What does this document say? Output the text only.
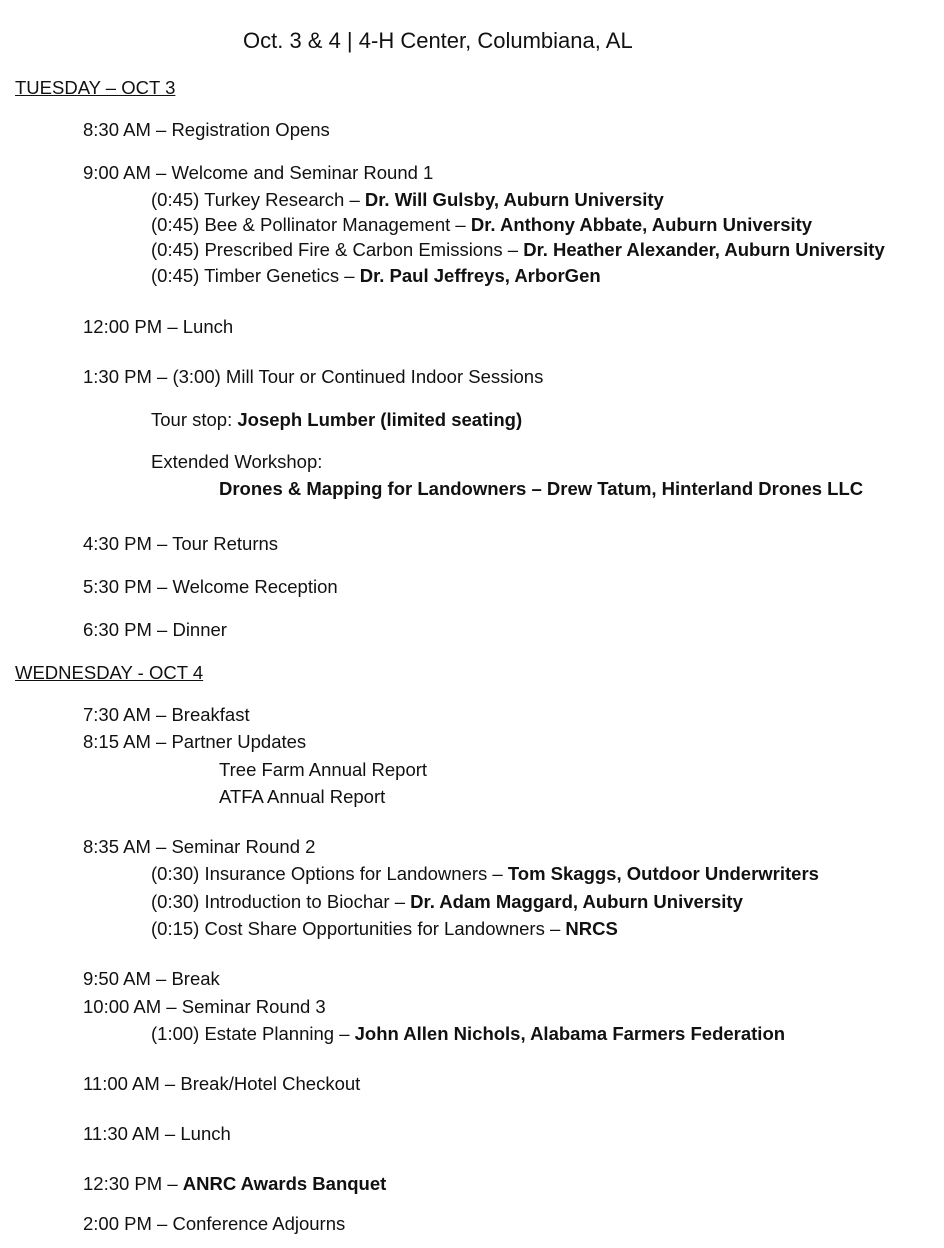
Oct. 3 & 4 | 4-H Center, Columbiana, AL
TUESDAY – OCT 3
8:30 AM – Registration Opens
9:00 AM – Welcome and Seminar Round 1
(0:45) Turkey Research – Dr. Will Gulsby, Auburn University
(0:45) Bee & Pollinator Management – Dr. Anthony Abbate, Auburn University
(0:45) Prescribed Fire & Carbon Emissions – Dr. Heather Alexander, Auburn University
(0:45) Timber Genetics – Dr. Paul Jeffreys, ArborGen
12:00 PM – Lunch
1:30 PM – (3:00) Mill Tour or Continued Indoor Sessions
Tour stop: Joseph Lumber (limited seating)
Extended Workshop:
Drones & Mapping for Landowners – Drew Tatum, Hinterland Drones LLC
4:30 PM – Tour Returns
5:30 PM – Welcome Reception
6:30 PM – Dinner
WEDNESDAY - OCT 4
7:30 AM – Breakfast
8:15 AM – Partner Updates
Tree Farm Annual Report
ATFA Annual Report
8:35 AM – Seminar Round 2
(0:30) Insurance Options for Landowners – Tom Skaggs, Outdoor Underwriters
(0:30) Introduction to Biochar – Dr. Adam Maggard, Auburn University
(0:15) Cost Share Opportunities for Landowners – NRCS
9:50 AM – Break
10:00 AM – Seminar Round 3
(1:00) Estate Planning – John Allen Nichols, Alabama Farmers Federation
11:00 AM – Break/Hotel Checkout
11:30 AM – Lunch
12:30 PM – ANRC Awards Banquet
2:00 PM – Conference Adjourns
